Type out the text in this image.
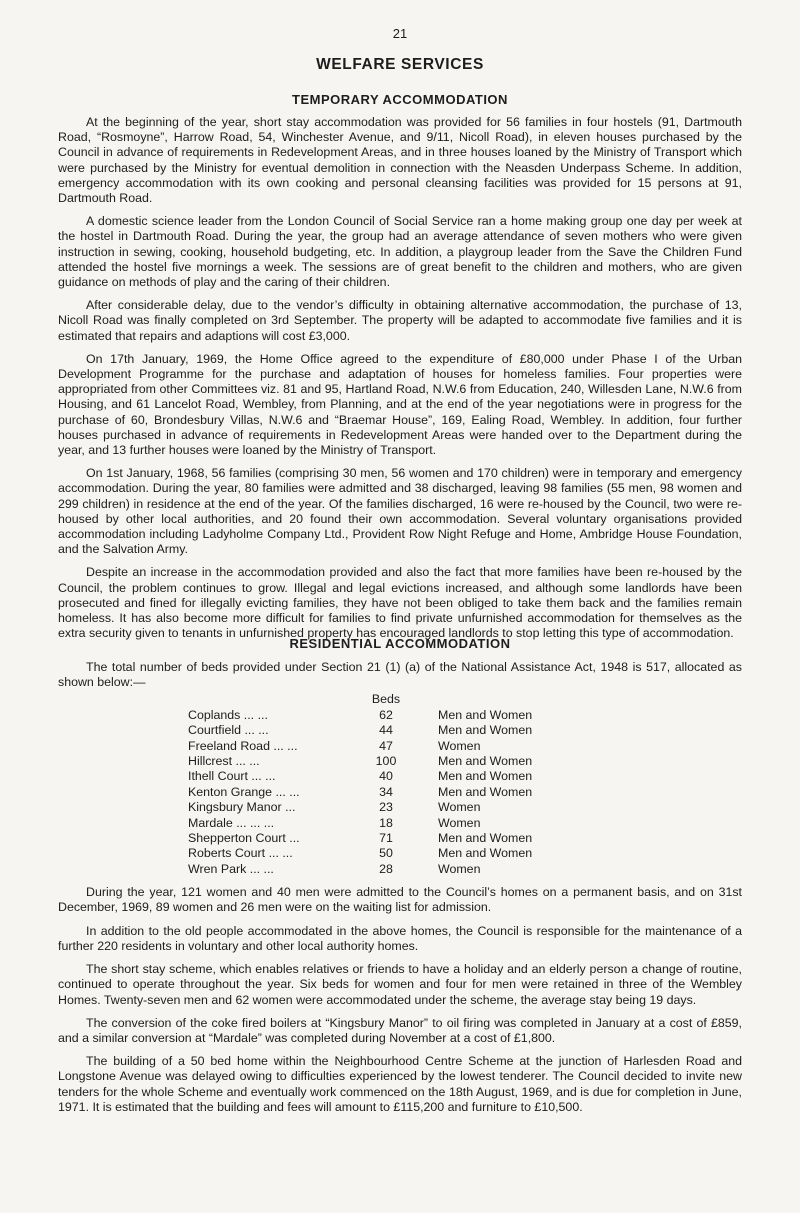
21
WELFARE SERVICES
TEMPORARY ACCOMMODATION

At the beginning of the year, short stay accommodation was provided for 56 families in four hostels (91, Dartmouth Road, “Rosmoyne”, Harrow Road, 54, Winchester Avenue, and 9/11, Nicoll Road), in eleven houses purchased by the Council in advance of requirements in Redevelopment Areas, and in three houses loaned by the Ministry of Transport which were purchased by the Ministry for eventual demolition in connection with the Neasden Underpass Scheme. In addition, emergency accommodation with its own cooking and personal cleansing facilities was provided for 15 persons at 91, Dartmouth Road.

A domestic science leader from the London Council of Social Service ran a home making group one day per week at the hostel in Dartmouth Road. During the year, the group had an average attendance of seven mothers who were given instruction in sewing, cooking, household budgeting, etc. In addition, a playgroup leader from the Save the Children Fund attended the hostel five mornings a week. The sessions are of great benefit to the children and mothers, who are given guidance on methods of play and the caring of their children.

After considerable delay, due to the vendor’s difficulty in obtaining alternative accommodation, the purchase of 13, Nicoll Road was finally completed on 3rd September. The property will be adapted to accommodate five families and it is estimated that repairs and adaptions will cost £3,000.

On 17th January, 1969, the Home Office agreed to the expenditure of £80,000 under Phase I of the Urban Development Programme for the purchase and adaptation of houses for homeless families. Four properties were appropriated from other Committees viz. 81 and 95, Hartland Road, N.W.6 from Education, 240, Willesden Lane, N.W.6 from Housing, and 61 Lancelot Road, Wembley, from Planning, and at the end of the year negotiations were in progress for the purchase of 60, Brondesbury Villas, N.W.6 and “Braemar House”, 169, Ealing Road, Wembley. In addition, four further houses purchased in advance of requirements in Redevelopment Areas were handed over to the Department during the year, and 13 further houses were loaned by the Ministry of Transport.

On 1st January, 1968, 56 families (comprising 30 men, 56 women and 170 children) were in temporary and emergency accommodation. During the year, 80 families were admitted and 38 discharged, leaving 98 families (55 men, 98 women and 299 children) in residence at the end of the year. Of the families discharged, 16 were re-housed by the Council, two were re-housed by other local authorities, and 20 found their own accommodation. Several voluntary organisations provided accommodation including Ladyholme Company Ltd., Provident Row Night Refuge and Home, Ambridge House Foundation, and the Salvation Army.

Despite an increase in the accommodation provided and also the fact that more families have been re-housed by the Council, the problem continues to grow. Illegal and legal evictions increased, and although some landlords have been prosecuted and fined for illegally evicting families, they have not been obliged to take them back and the families remain homeless. It has also become more difficult for families to find private unfurnished accommodation for themselves as the extra security given to tenants in unfurnished property has encouraged landlords to stop letting this type of accommodation.

RESIDENTIAL ACCOMMODATION

The total number of beds provided under Section 21 (1) (a) of the National Assistance Act, 1948 is 517, allocated as shown below:—

	Beds	
Coplands ... ...	62	Men and Women
Courtfield ... ...	44	Men and Women
Freeland Road ... ...	47	Women
Hillcrest ... ...	100	Men and Women
Ithell Court ... ...	40	Men and Women
Kenton Grange ... ...	34	Men and Women
Kingsbury Manor ...	23	Women
Mardale ... ... ...	18	Women
Shepperton Court ...	71	Men and Women
Roberts Court ... ...	50	Men and Women
Wren Park ... ...	28	Women

During the year, 121 women and 40 men were admitted to the Council’s homes on a permanent basis, and on 31st December, 1969, 89 women and 26 men were on the waiting list for admission.

In addition to the old people accommodated in the above homes, the Council is responsible for the maintenance of a further 220 residents in voluntary and other local authority homes.

The short stay scheme, which enables relatives or friends to have a holiday and an elderly person a change of routine, continued to operate throughout the year. Six beds for women and four for men were retained in three of the Wembley Homes. Twenty-seven men and 62 women were accommodated under the scheme, the average stay being 19 days.

The conversion of the coke fired boilers at “Kingsbury Manor” to oil firing was completed in January at a cost of £859, and a similar conversion at “Mardale” was completed during November at a cost of £1,800.

The building of a 50 bed home within the Neighbourhood Centre Scheme at the junction of Harlesden Road and Longstone Avenue was delayed owing to difficulties experienced by the lowest tenderer. The Council decided to invite new tenders for the whole Scheme and eventually work commenced on the 18th August, 1969, and is due for completion in June, 1971. It is estimated that the building and fees will amount to £115,200 and furniture to £10,500.
